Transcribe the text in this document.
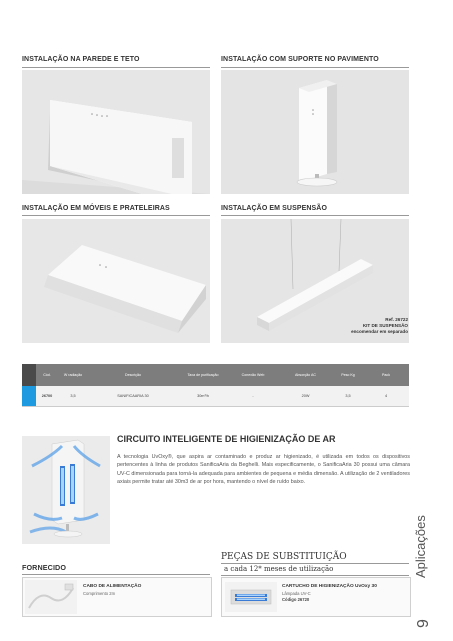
INSTALAÇÃO NA PAREDE E TETO	INSTALAÇÃO COM SUPORTE NO PAVIMENTO
INSTALAÇÃO EM MÓVEIS E PRATELEIRAS	INSTALAÇÃO EM SUSPENSÃO
Ref. 26722
KIT DE SUSPENSÃO
encomendar em separado
Cód.	W radiação	Descrição	Taxa de purificação	Conexão Web	Absorção AC	Peso Kg	Pack
26700	3,5	SANIFICAARIA 30	30m³/h	-	20W	3,5	4
CIRCUITO INTELIGENTE DE HIGIENIZAÇÃO DE AR
A tecnologia UvOxy®, que aspira ar contaminado e produz ar higienizado, é utilizada em todos os dispositivos pertencentes à linha de produtos SanificaAria da Beghelli. Mais especificamente, o SanificaAria 30 possui uma câmara UV-C dimensionada para torná-la adequada para ambientes de pequena e média dimensão. A utilização de 2 ventiladores axiais permite tratar até 30m3 de ar por hora, mantendo o nível de ruído baixo.
Aplicações
9
FORNECIDO
CABO DE ALIMENTAÇÃO
Comprimento 2m
PEÇAS DE SUBSTITUIÇÃO
a cada 12* meses de utilização
CARTUCHO DE HIGIENIZAÇÃO UvOxy 30
Lâmpada UV-C
Código 26720
